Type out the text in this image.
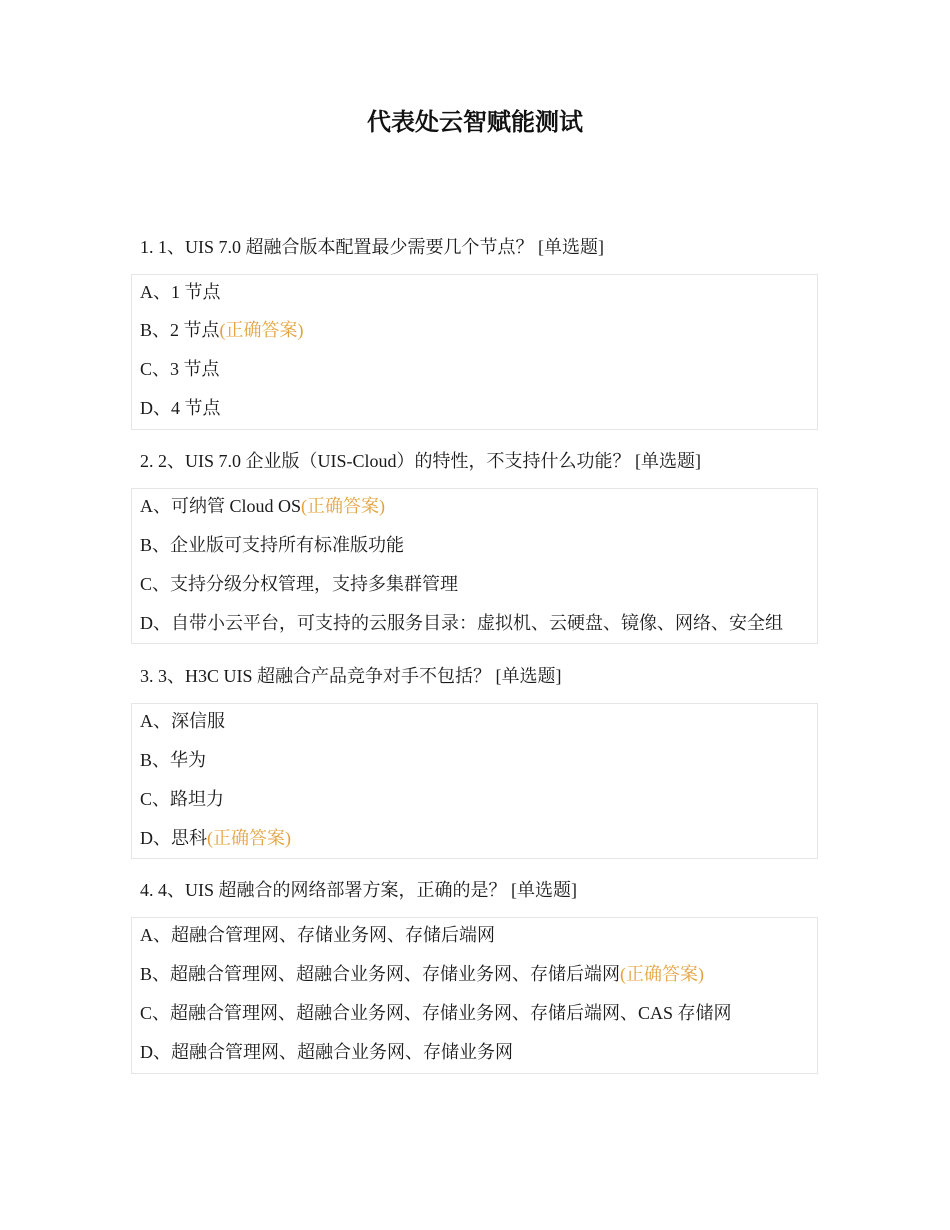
代表处云智赋能测试
1. 1、UIS 7.0 超融合版本配置最少需要几个节点？ [单选题]
A、1 节点
B、2 节点(正确答案)
C、3 节点
D、4 节点
2. 2、UIS 7.0 企业版（UIS-Cloud）的特性，不支持什么功能？ [单选题]
A、可纳管 Cloud OS(正确答案)
B、企业版可支持所有标准版功能
C、支持分级分权管理，支持多集群管理
D、自带小云平台，可支持的云服务目录：虚拟机、云硬盘、镜像、网络、安全组
3. 3、H3C UIS 超融合产品竞争对手不包括？ [单选题]
A、深信服
B、华为
C、路坦力
D、思科(正确答案)
4. 4、UIS 超融合的网络部署方案，正确的是？ [单选题]
A、超融合管理网、存储业务网、存储后端网
B、超融合管理网、超融合业务网、存储业务网、存储后端网(正确答案)
C、超融合管理网、超融合业务网、存储业务网、存储后端网、CAS 存储网
D、超融合管理网、超融合业务网、存储业务网
